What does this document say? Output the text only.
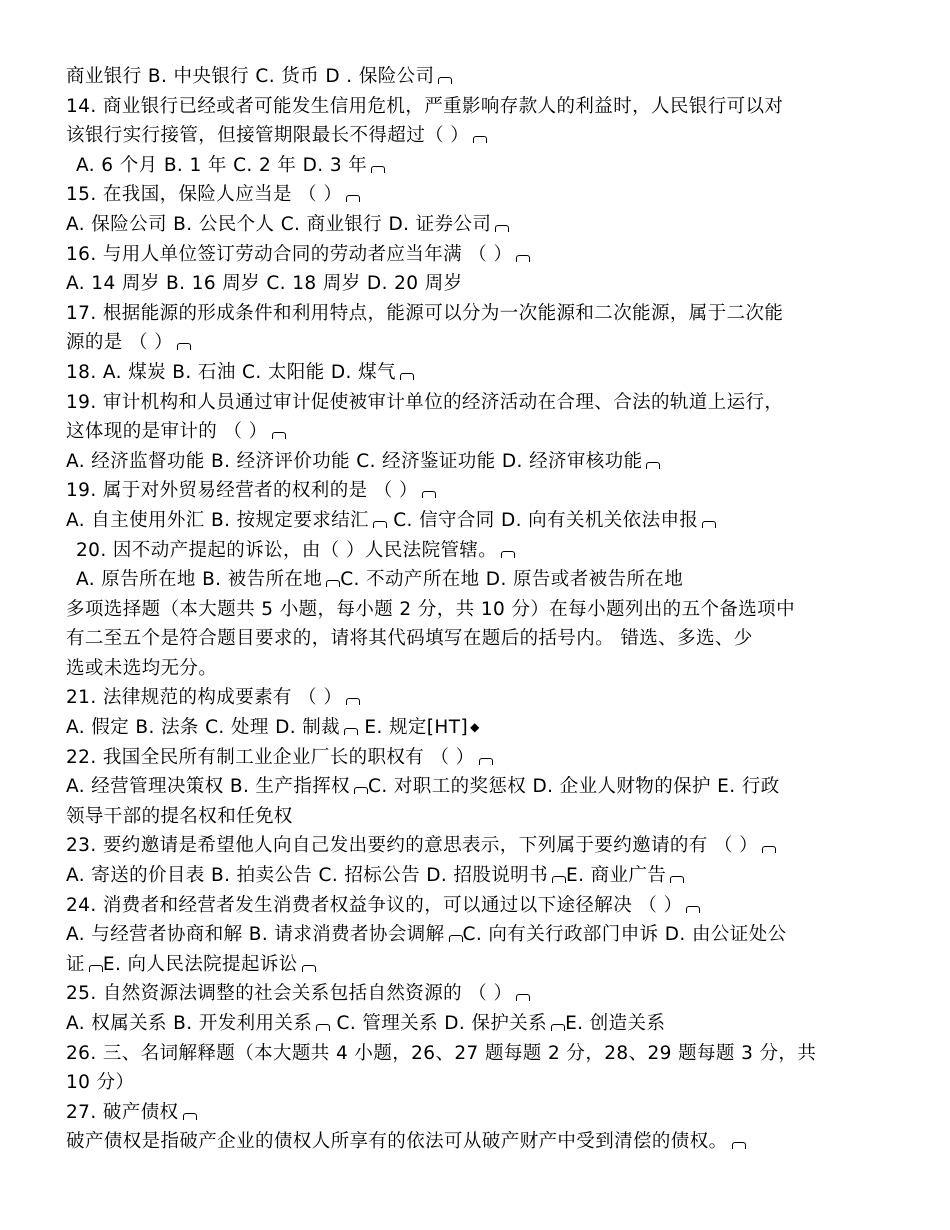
商业银行 B. 中央银行 C. 货币 D . 保险公司
14. 商业银行已经或者可能发生信用危机，严重影响存款人的利益时，人民银行可以对
该银行实行接管，但接管期限最长不得超过（ ）
A. 6 个月 B. 1 年 C. 2 年 D. 3 年
15. 在我国，保险人应当是 （ ）
A. 保险公司 B. 公民个人 C. 商业银行 D. 证券公司
16. 与用人单位签订劳动合同的劳动者应当年满 （ ）
A. 14 周岁 B. 16 周岁 C. 18 周岁 D. 20 周岁
17. 根据能源的形成条件和利用特点，能源可以分为一次能源和二次能源，属于二次能
源的是 （ ）
18. A. 煤炭 B. 石油 C. 太阳能 D. 煤气
19. 审计机构和人员通过审计促使被审计单位的经济活动在合理、合法的轨道上运行，
这体现的是审计的 （ ）
A. 经济监督功能 B. 经济评价功能 C. 经济鉴证功能 D. 经济审核功能
19. 属于对外贸易经营者的权利的是 （ ）
A. 自主使用外汇 B. 按规定要求结汇 C. 信守合同 D. 向有关机关依法申报
20. 因不动产提起的诉讼，由（ ）人民法院管辖。
A. 原告所在地 B. 被告所在地 C. 不动产所在地 D. 原告或者被告所在地
多项选择题（本大题共 5 小题，每小题 2 分，共 10 分）在每小题列出的五个备选项中
有二至五个是符合题目要求的，请将其代码填写在题后的括号内。 错选、多选、少
选或未选均无分。
21. 法律规范的构成要素有 （ ）
A. 假定 B. 法条 C. 处理 D. 制裁 E. 规定[HT] ◆
22. 我国全民所有制工业企业厂长的职权有 （ ）
A. 经营管理决策权 B. 生产指挥权 C. 对职工的奖惩权 D. 企业人财物的保护 E. 行政
领导干部的提名权和任免权
23. 要约邀请是希望他人向自己发出要约的意思表示，下列属于要约邀请的有 （ ）
A. 寄送的价目表 B. 拍卖公告 C. 招标公告 D. 招股说明书 E. 商业广告
24. 消费者和经营者发生消费者权益争议的，可以通过以下途径解决 （ ）
A. 与经营者协商和解 B. 请求消费者协会调解 C. 向有关行政部门申诉 D. 由公证处公
证 E. 向人民法院提起诉讼
25. 自然资源法调整的社会关系包括自然资源的 （ ）
A. 权属关系 B. 开发利用关系 C. 管理关系 D. 保护关系 E. 创造关系
26. 三、名词解释题（本大题共 4 小题，26、27 题每题 2 分，28、29 题每题 3 分，共
10 分）
27. 破产债权
破产债权是指破产企业的债权人所享有的依法可从破产财产中受到清偿的债权。
